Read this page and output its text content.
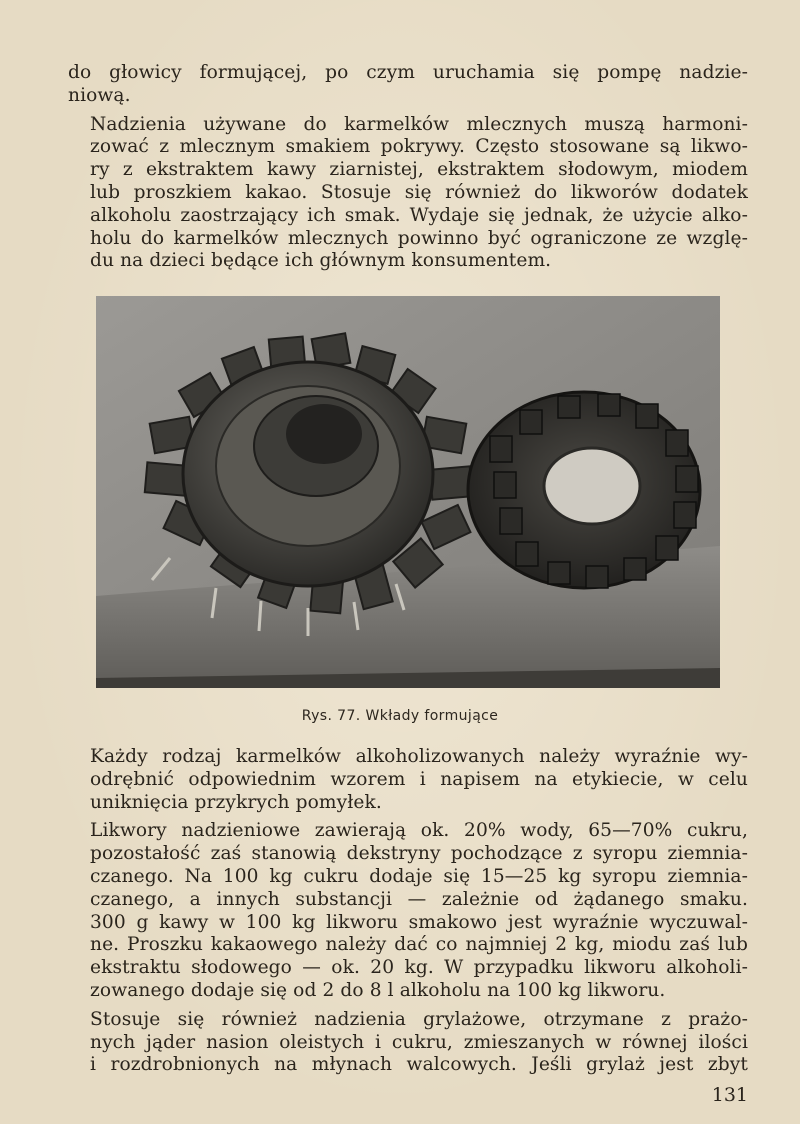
do głowicy formującej, po czym uruchamia się pompę nadzie-
niową.

Nadzienia używane do karmelków mlecznych muszą harmoni-
zować z mlecznym smakiem pokrywy. Często stosowane są likwo-
ry z ekstraktem kawy ziarnistej, ekstraktem słodowym, miodem
lub proszkiem kakao. Stosuje się również do likworów dodatek
alkoholu zaostrzający ich smak. Wydaje się jednak, że użycie alko-
holu do karmelków mlecznych powinno być ograniczone ze wzglę-
du na dzieci będące ich głównym konsumentem.

Rys. 77. Wkłady formujące

Każdy rodzaj karmelków alkoholizowanych należy wyraźnie wy-
odrębnić odpowiednim wzorem i napisem na etykiecie, w celu
uniknięcia przykrych pomyłek.

Likwory nadzieniowe zawierają ok. 20% wody, 65—70% cukru,
pozostałość zaś stanowią dekstryny pochodzące z syropu ziemnia-
czanego. Na 100 kg cukru dodaje się 15—25 kg syropu ziemnia-
czanego, a innych substancji — zależnie od żądanego smaku.
300 g kawy w 100 kg likworu smakowo jest wyraźnie wyczuwal-
ne. Proszku kakaowego należy dać co najmniej 2 kg, miodu zaś lub
ekstraktu słodowego — ok. 20 kg. W przypadku likworu alkoholi-
zowanego dodaje się od 2 do 8 l alkoholu na 100 kg likworu.

Stosuje się również nadzienia grylażowe, otrzymane z prażo-
nych jąder nasion oleistych i cukru, zmieszanych w równej ilości
i rozdrobnionych na młynach walcowych. Jeśli grylaż jest zbyt

131
